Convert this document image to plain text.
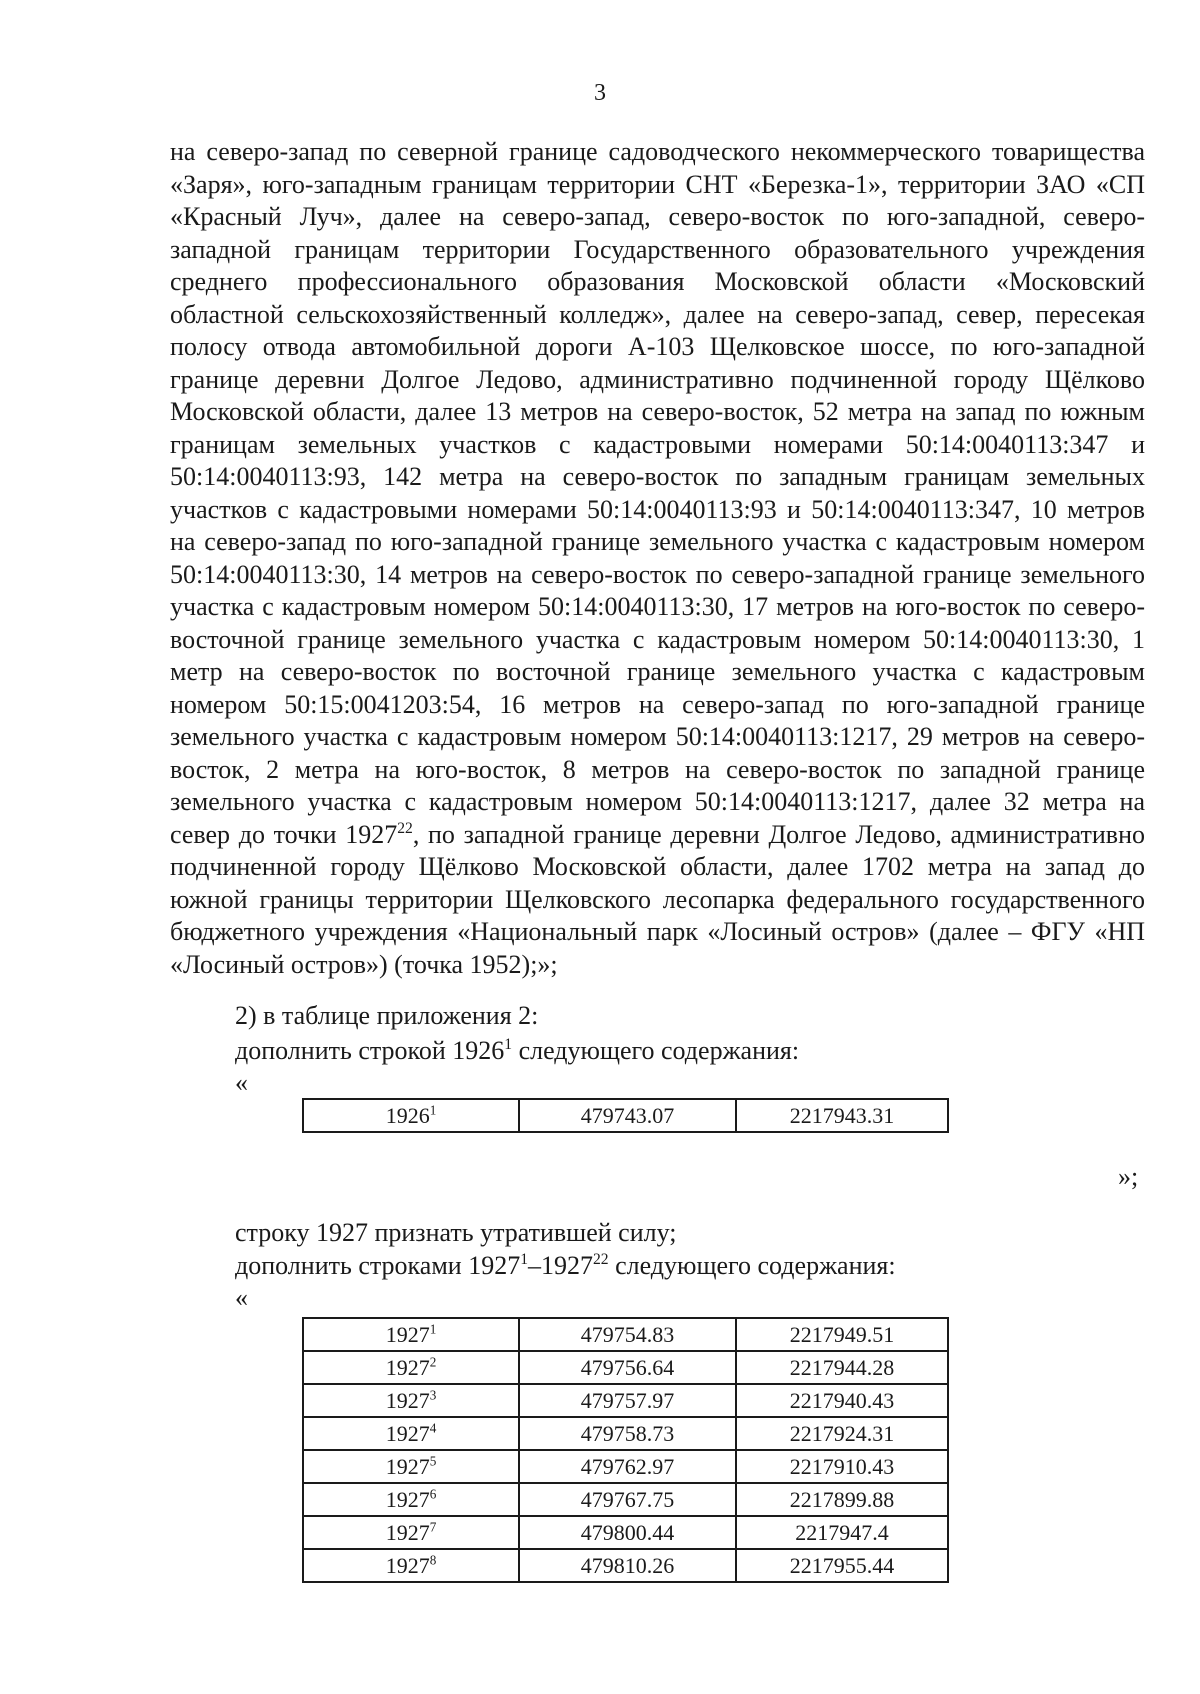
3

на северо-запад по северной границе садоводческого некоммерческого товарищества «Заря», юго-западным границам территории СНТ «Березка-1», территории ЗАО «СП «Красный Луч», далее на северо-запад, северо-восток по юго-западной, северо-западной границам территории Государственного образовательного учреждения среднего профессионального образования Московской области «Московский областной сельскохозяйственный колледж», далее на северо-запад, север, пересекая полосу отвода автомобильной дороги А-103 Щелковское шоссе, по юго-западной границе деревни Долгое Ледово, административно подчиненной городу Щёлково Московской области, далее 13 метров на северо-восток, 52 метра на запад по южным границам земельных участков с кадастровыми номерами 50:14:0040113:347 и 50:14:0040113:93, 142 метра на северо-восток по западным границам земельных участков с кадастровыми номерами 50:14:0040113:93 и 50:14:0040113:347, 10 метров на северо-запад по юго-западной границе земельного участка с кадастровым номером 50:14:0040113:30, 14 метров на северо-восток по северо-западной границе земельного участка с кадастровым номером 50:14:0040113:30, 17 метров на юго-восток по северо-восточной границе земельного участка с кадастровым номером 50:14:0040113:30, 1 метр на северо-восток по восточной границе земельного участка с кадастровым номером 50:15:0041203:54, 16 метров на северо-запад по юго-западной границе земельного участка с кадастровым номером 50:14:0040113:1217, 29 метров на северо-восток, 2 метра на юго-восток, 8 метров на северо-восток по западной границе земельного участка с кадастровым номером 50:14:0040113:1217, далее 32 метра на север до точки 1927$^{22}$, по западной границе деревни Долгое Ледово, административно подчиненной городу Щёлково Московской области, далее 1702 метра на запад до южной границы территории Щелковского лесопарка федерального государственного бюджетного учреждения «Национальный парк «Лосиный остров» (далее – ФГУ «НП «Лосиный остров») (точка 1952);»;

2) в таблице приложения 2:

дополнить строкой 1926$^1$ следующего содержания:

«
1926$^1$	479743.07	2217943.31
»;

строку 1927 признать утратившей силу;

дополнить строками 1927$^1$–1927$^{22}$ следующего содержания:

«
1927$^1$	479754.83	2217949.51
1927$^2$	479756.64	2217944.28
1927$^3$	479757.97	2217940.43
1927$^4$	479758.73	2217924.31
1927$^5$	479762.97	2217910.43
1927$^6$	479767.75	2217899.88
1927$^7$	479800.44	2217947.4
1927$^8$	479810.26	2217955.44
